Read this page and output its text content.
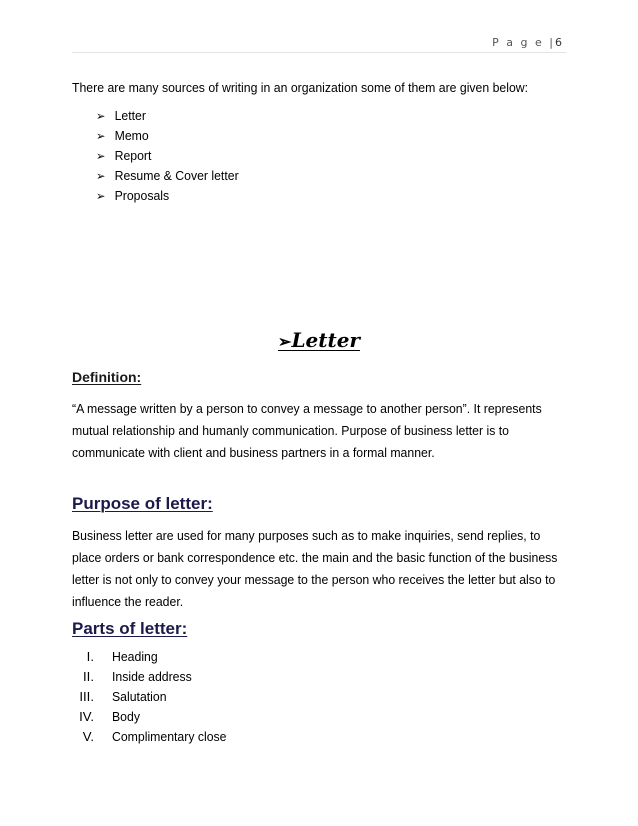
P a g e |6
There are many sources of writing in an organization some of them are given below:
➢ Letter
➢ Memo
➢ Report
➢ Resume & Cover letter
➢ Proposals
➢Letter
Definition:
“A message written by a person to convey a message to another person”. It represents
mutual relationship and humanly communication. Purpose of business letter is to
communicate with client and business partners in a formal manner.
Purpose of letter:
Business letter are used for many purposes such as to make inquiries, send replies, to
place orders or bank correspondence etc. the main and the basic function of the business
letter is not only to convey your message to the person who receives the letter but also to
influence the reader.
Parts of letter:
I. Heading
II. Inside address
III. Salutation
IV. Body
V. Complimentary close
